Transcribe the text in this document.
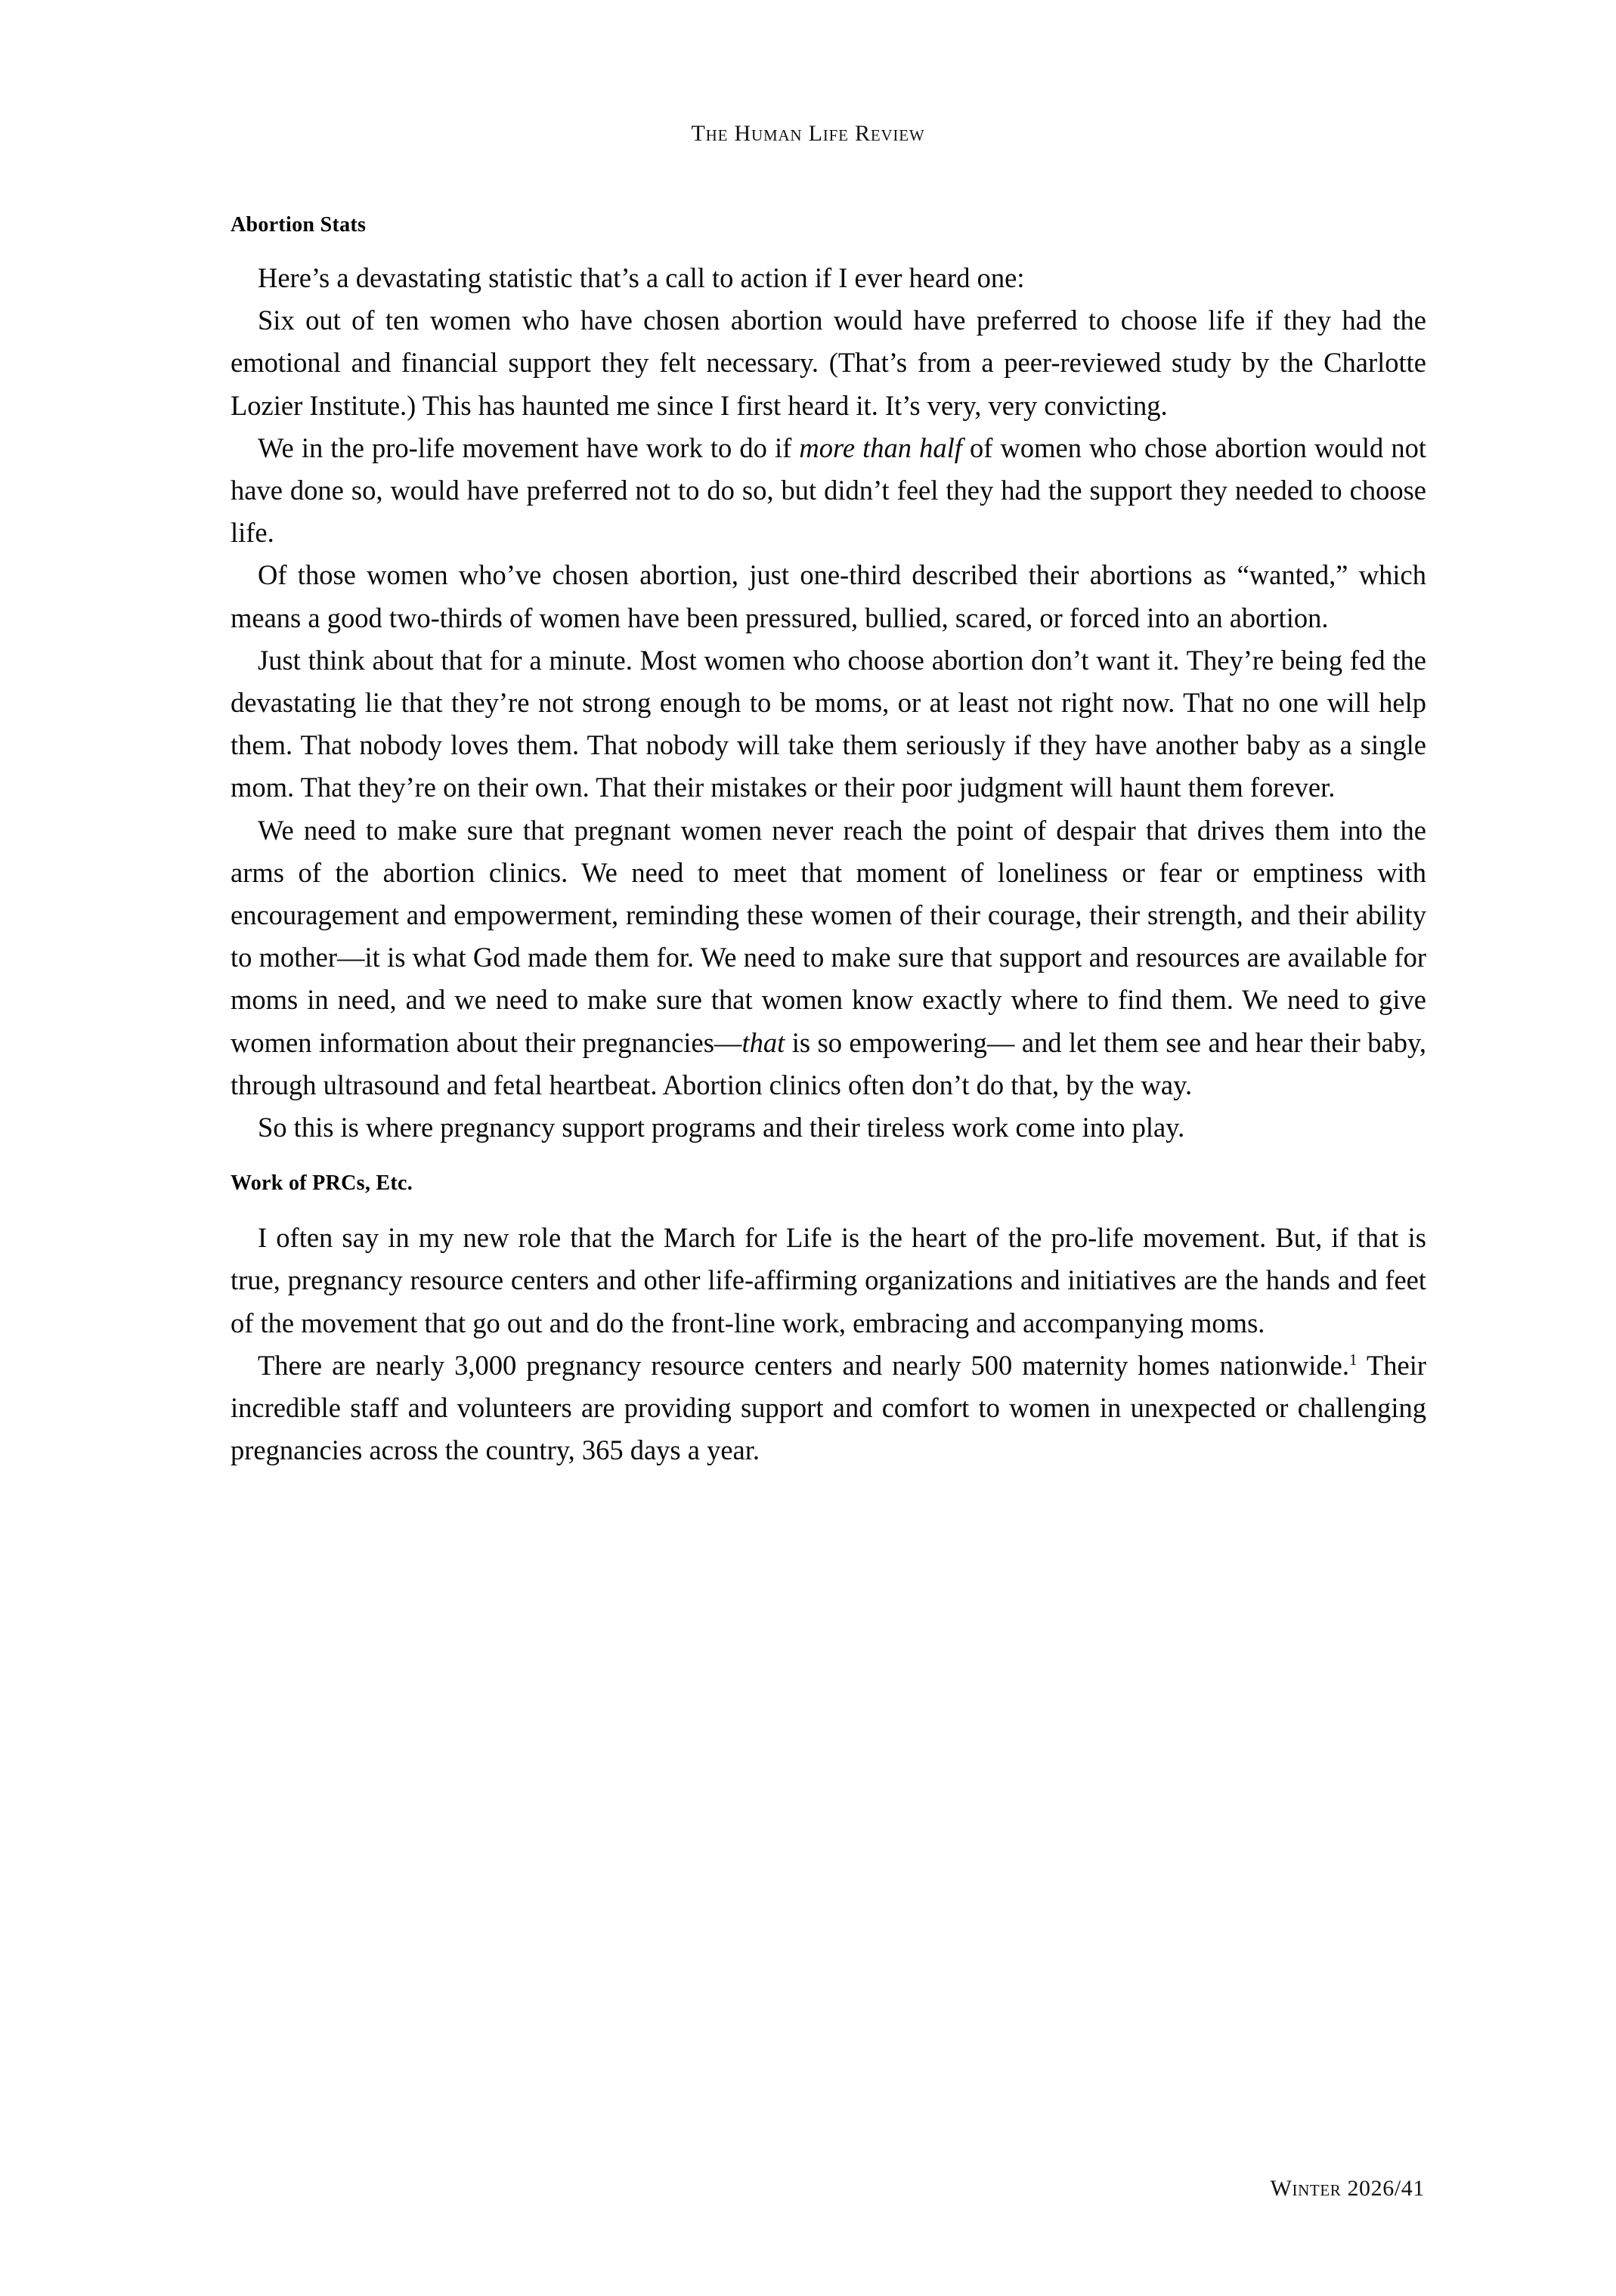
The Human Life Review
Abortion Stats

Here’s a devastating statistic that’s a call to action if I ever heard one:

Six out of ten women who have chosen abortion would have preferred to choose life if they had the emotional and financial support they felt necessary. (That’s from a peer-reviewed study by the Charlotte Lozier Institute.) This has haunted me since I first heard it. It’s very, very convicting.

We in the pro-life movement have work to do if more than half of women who chose abortion would not have done so, would have preferred not to do so, but didn’t feel they had the support they needed to choose life.

Of those women who’ve chosen abortion, just one-third described their abortions as “wanted,” which means a good two-thirds of women have been pressured, bullied, scared, or forced into an abortion.

Just think about that for a minute. Most women who choose abortion don’t want it. They’re being fed the devastating lie that they’re not strong enough to be moms, or at least not right now. That no one will help them. That nobody loves them. That nobody will take them seriously if they have another baby as a single mom. That they’re on their own. That their mistakes or their poor judgment will haunt them forever.

We need to make sure that pregnant women never reach the point of despair that drives them into the arms of the abortion clinics. We need to meet that moment of loneliness or fear or emptiness with encouragement and empowerment, reminding these women of their courage, their strength, and their ability to mother—it is what God made them for. We need to make sure that support and resources are available for moms in need, and we need to make sure that women know exactly where to find them. We need to give women information about their pregnancies—that is so empowering— and let them see and hear their baby, through ultrasound and fetal heartbeat. Abortion clinics often don’t do that, by the way.

So this is where pregnancy support programs and their tireless work come into play.

Work of PRCs, Etc.

I often say in my new role that the March for Life is the heart of the pro-life movement. But, if that is true, pregnancy resource centers and other life-affirming organizations and initiatives are the hands and feet of the movement that go out and do the front-line work, embracing and accompanying moms.

There are nearly 3,000 pregnancy resource centers and nearly 500 maternity homes nationwide.$^1$ Their incredible staff and volunteers are providing support and comfort to women in unexpected or challenging pregnancies across the country, 365 days a year.

Winter 2026/41
